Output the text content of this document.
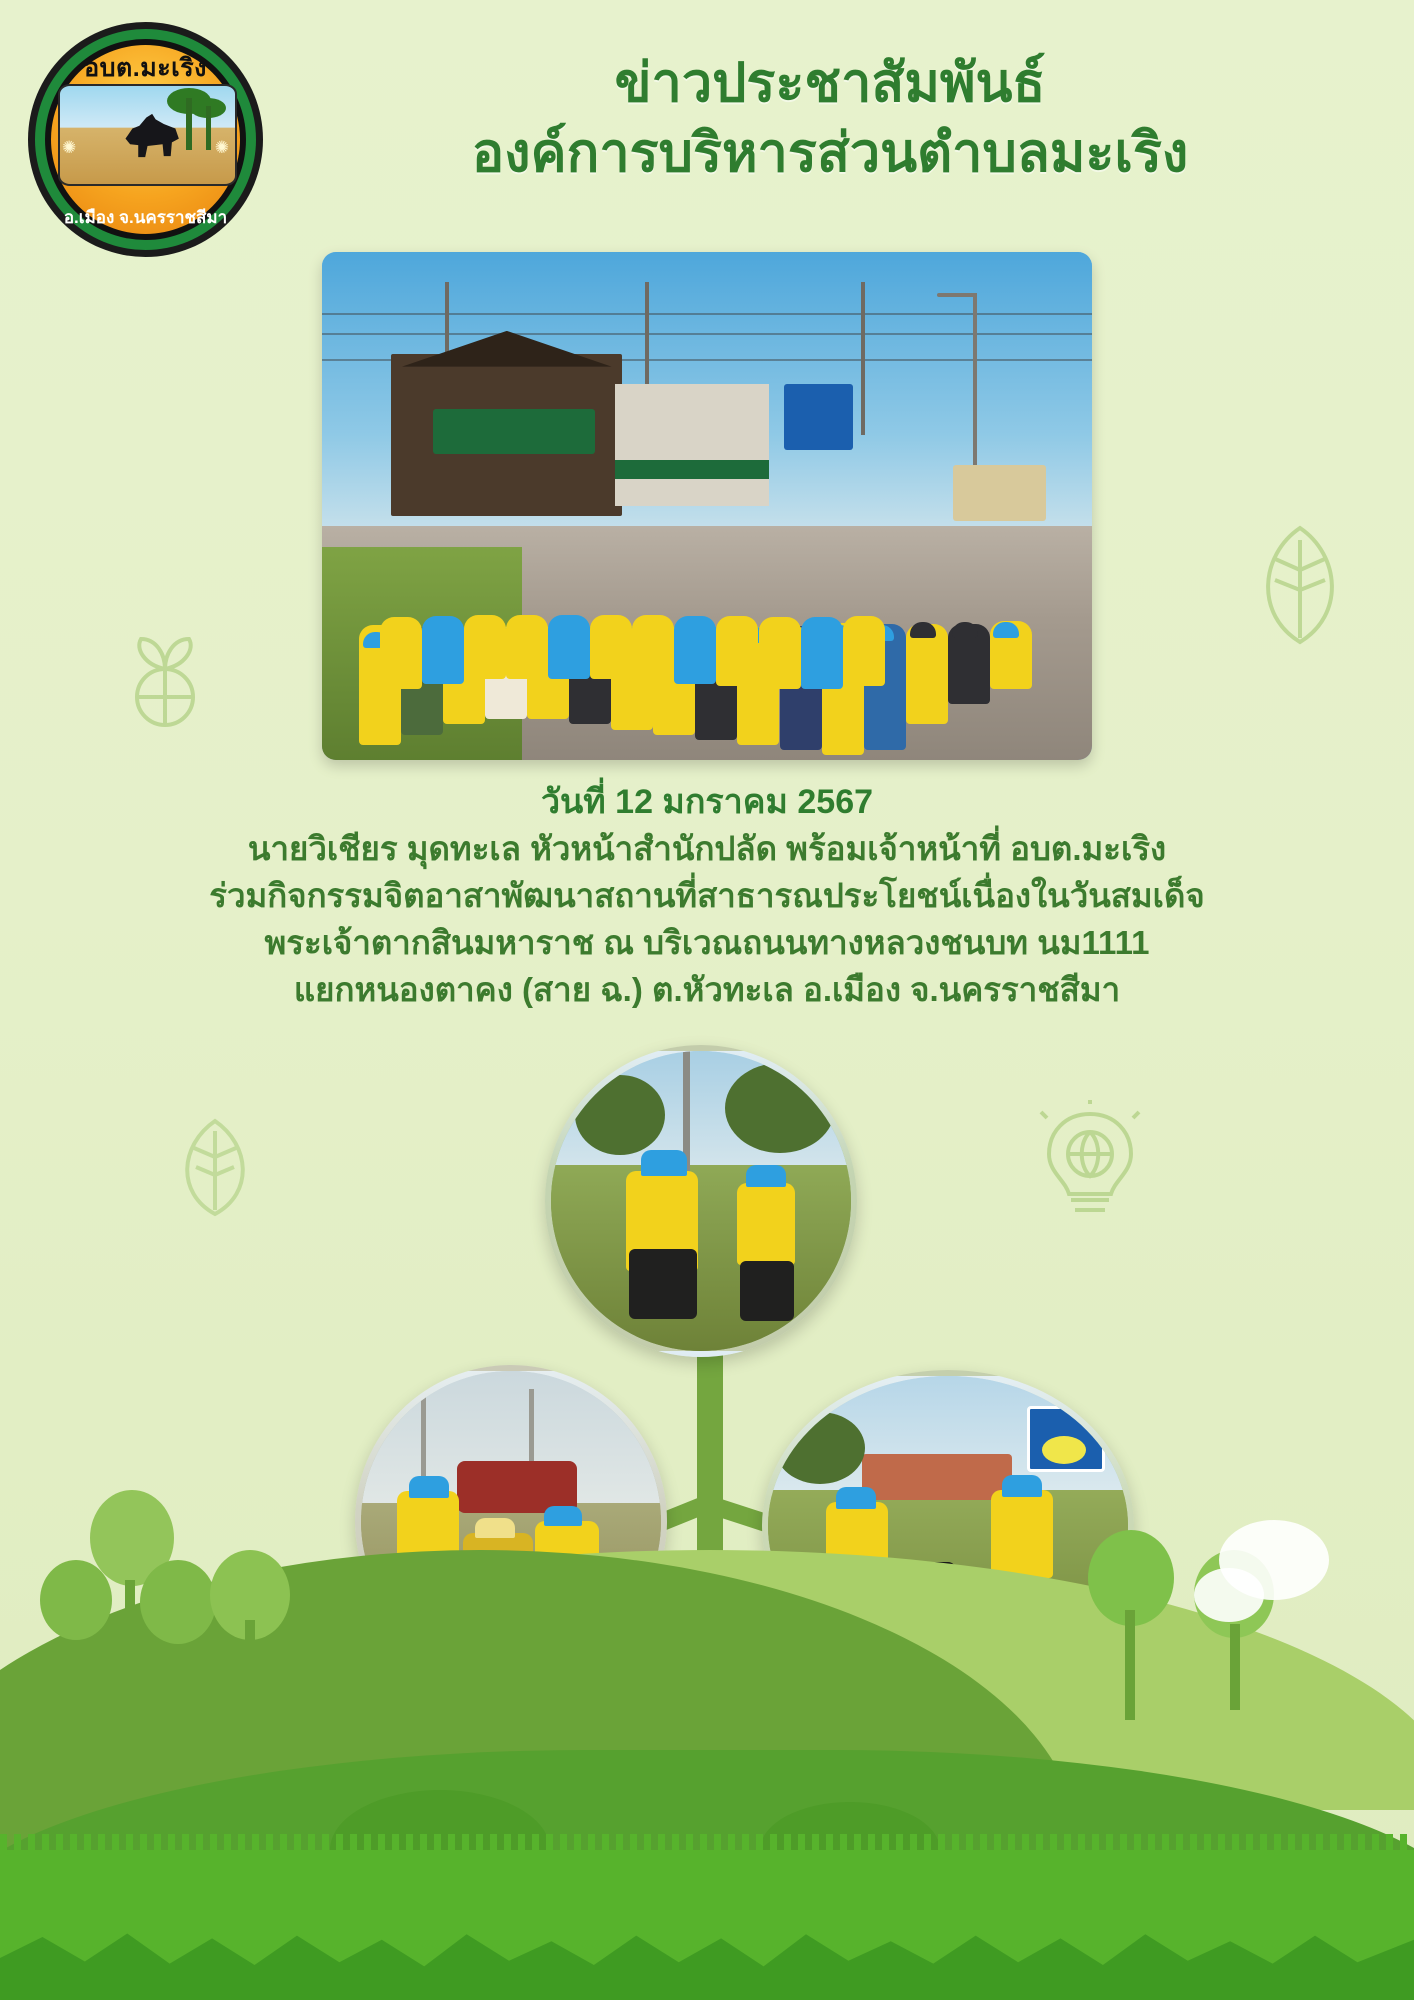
อบต.มะเริง
อ.เมือง จ.นครราชสีมา
✺	✺
ข่าวประชาสัมพันธ์
องค์การบริหารส่วนตำบลมะเริง
วันที่ 12 มกราคม 2567
นายวิเชียร มุดทะเล หัวหน้าสำนักปลัด พร้อมเจ้าหน้าที่ อบต.มะเริง
ร่วมกิจกรรมจิตอาสาพัฒนาสถานที่สาธารณประโยชน์เนื่องในวันสมเด็จ
พระเจ้าตากสินมหาราช ณ บริเวณถนนทางหลวงชนบท นม1111
แยกหนองตาคง (สาย ฉ.) ต.หัวทะเล อ.เมือง จ.นครราชสีมา
